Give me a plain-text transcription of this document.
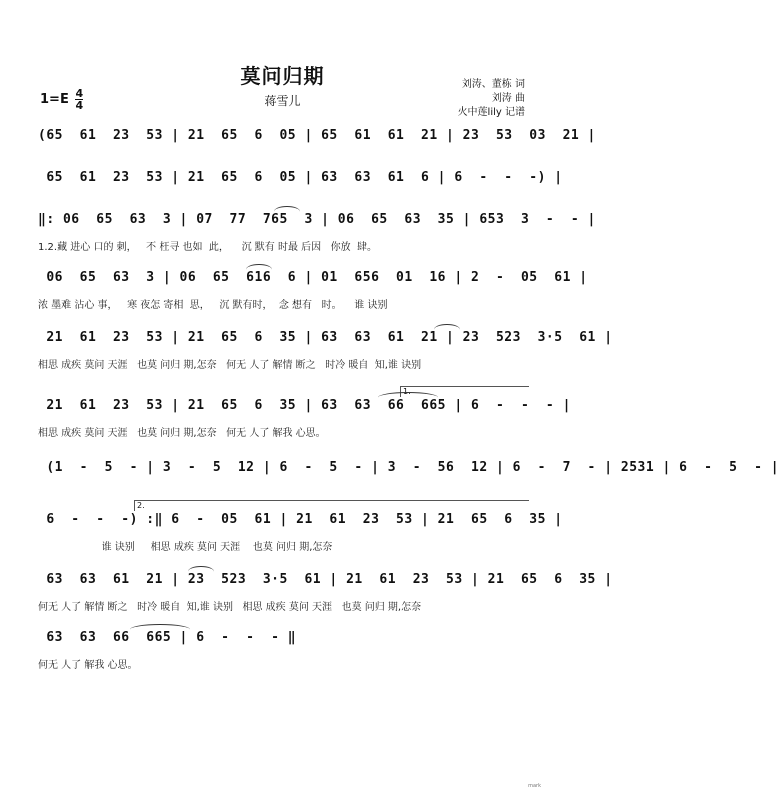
莫问归期
蒋雪儿
$1=E \frac{4}{4}$
刘涛、董栋 词
刘涛 曲
火中莲lily 记谱
(65  61  23  53 | 21  65  6  05 | 65  61  61  21 | 23  53  03  21 |
65  61  23  53 | 21  65  6  05 | 63  63  61  6 | 6  -  -  -) |
‖: 06  65  63  3 | 07  77  765  3 | 06  65  63  35 | 653  3  -  - |
1.2.藏 进心 口的 刺，   不 枉寻 也如  此，    沉 默有 时最 后因   你放  肆。
06  65  63  3 | 06  65  616  6 | 01  656  01  16 | 2  -  05  61 |
浓 墨难 沾心 事，   寒 夜怎 寄相  思，   沉 默有时，  念 想有   时。    谁 诀别
21  61  23  53 | 21  65  6  35 | 63  63  61  21 | 23  523  3·5  61 |
相思 成疾 莫问 天涯   也莫 问归 期,怎奈   何无 人了 解情 断之   时冷 暖自  知,谁 诀别
1.
21  61  23  53 | 21  65  6  35 | 63  63  66  665 | 6  -  -  - |
相思 成疾 莫问 天涯   也莫 问归 期,怎奈   何无 人了 解我 心思。
(1  -  5  - | 3  -  5  12 | 6  -  5  - | 3  -  56  12 | 6  -  7  - | 2531 | 6  -  5  - |
2.
6  -  -  -) :‖ 6  -  05  61 | 21  61  23  53 | 21  65  6  35 |
谁 诀别     相思 成疾 莫问 天涯    也莫 问归 期,怎奈
63  63  61  21 | 23  523  3·5  61 | 21  61  23  53 | 21  65  6  35 |
何无 人了 解情 断之   时冷 暖自  知,谁 诀别   相思 成疾 莫问 天涯   也莫 问归 期,怎奈
63  63  66  665 | 6  -  -  - ‖
何无 人了 解我 心思。
mark
